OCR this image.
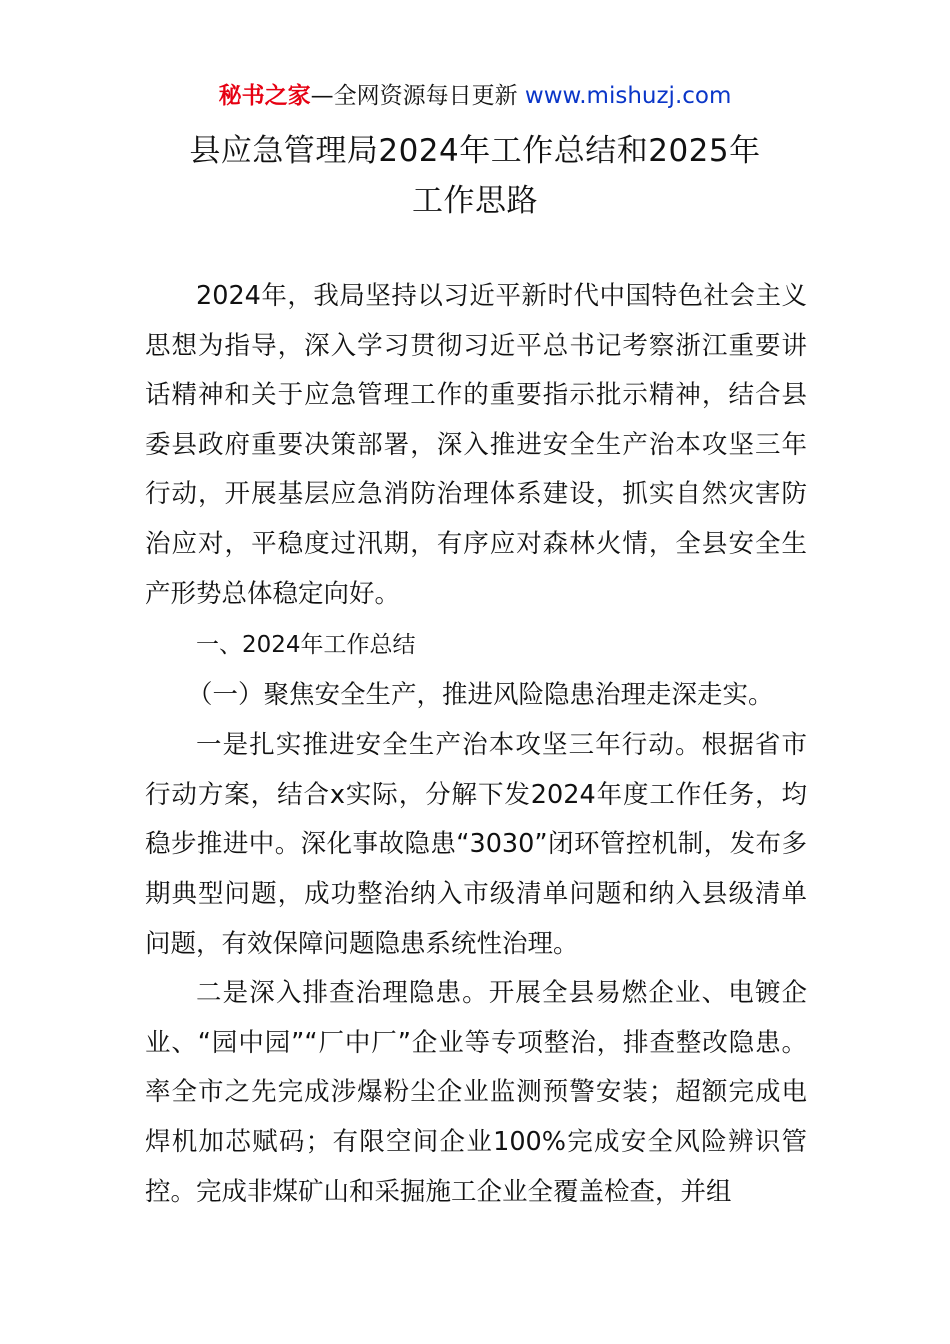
秘书之家—全网资源每日更新 www.mishuzj.com
县应急管理局2024年工作总结和2025年
工作思路

2024年，我局坚持以习近平新时代中国特色社会主义思想为指导，深入学习贯彻习近平总书记考察浙江重要讲话精神和关于应急管理工作的重要指示批示精神，结合县委县政府重要决策部署，深入推进安全生产治本攻坚三年行动，开展基层应急消防治理体系建设，抓实自然灾害防治应对，平稳度过汛期，有序应对森林火情，全县安全生产形势总体稳定向好。

一、2024年工作总结

（一）聚焦安全生产，推进风险隐患治理走深走实。

一是扎实推进安全生产治本攻坚三年行动。根据省市行动方案，结合x实际，分解下发2024年度工作任务，均稳步推进中。深化事故隐患“3030”闭环管控机制，发布多期典型问题，成功整治纳入市级清单问题和纳入县级清单问题，有效保障问题隐患系统性治理。

二是深入排查治理隐患。开展全县易燃企业、电镀企业、“园中园”“厂中厂”企业等专项整治，排查整改隐患。率全市之先完成涉爆粉尘企业监测预警安装；超额完成电焊机加芯赋码；有限空间企业100%完成安全风险辨识管控。完成非煤矿山和采掘施工企业全覆盖检查，并组
